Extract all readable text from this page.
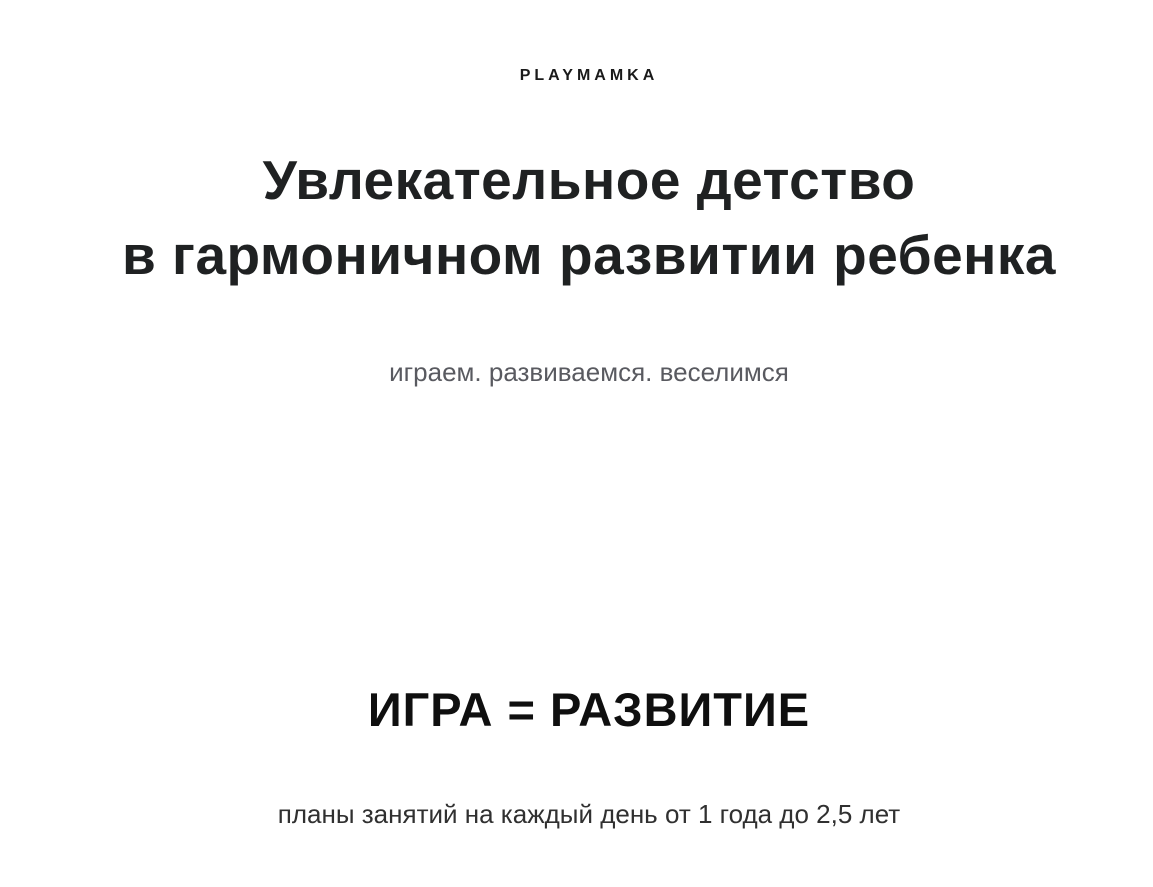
PLAYMAMKA
Увлекательное детство
в гармоничном развитии ребенка
играем. развиваемся. веселимся
ИГРА = РАЗВИТИЕ
планы занятий на каждый день от 1 года до 2,5 лет
